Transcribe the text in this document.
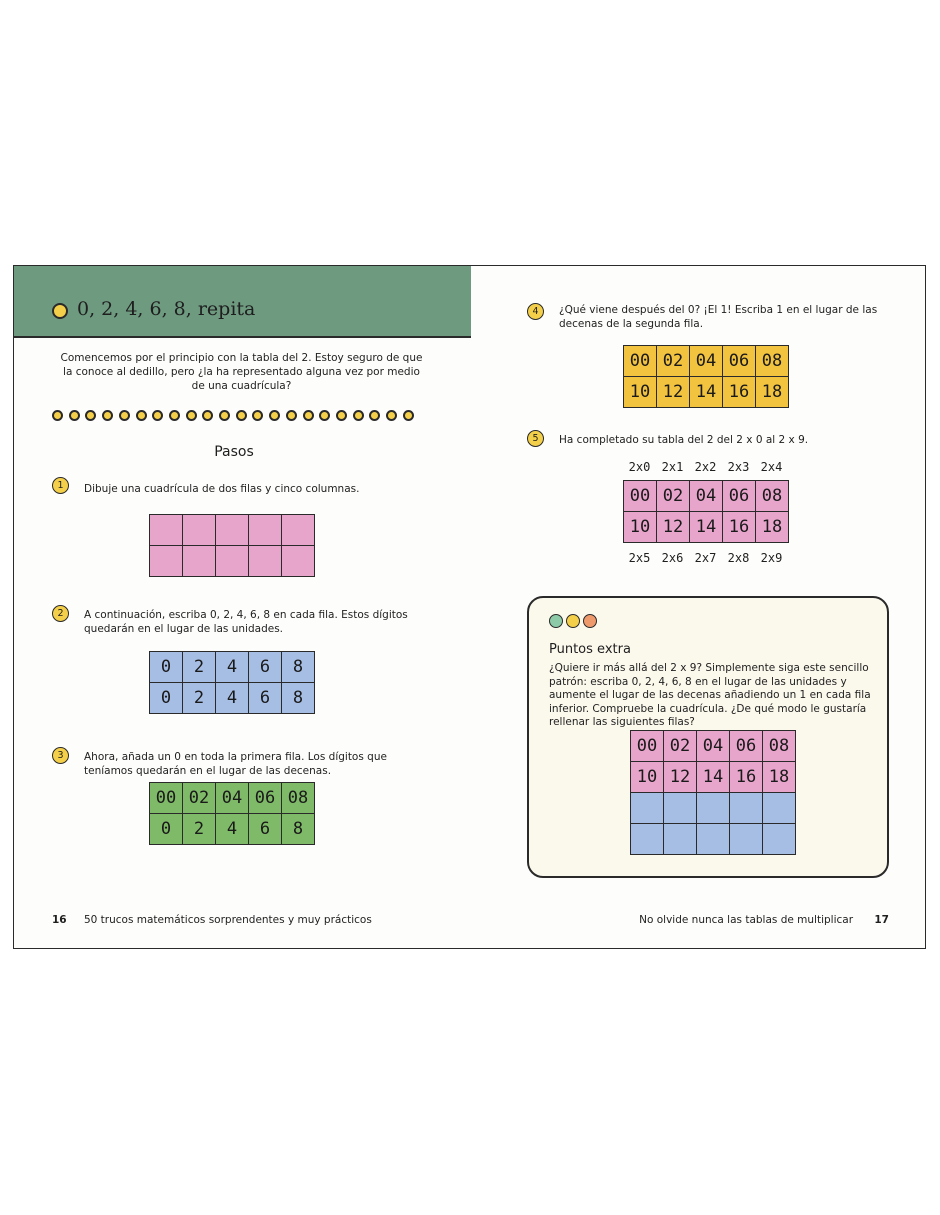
0, 2, 4, 6, 8, repita
Comencemos por el principio con la tabla del 2. Estoy seguro de que la conoce al dedillo, pero ¿la ha representado alguna vez por medio de una cuadrícula?
Pasos
1	Dibuje una cuadrícula de dos filas y cinco columnas.
2	A continuación, escriba 0, 2, 4, 6, 8 en cada fila. Estos dígitos quedarán en el lugar de las unidades.
0	2	4	6	8
0	2	4	6	8
3	Ahora, añada un 0 en toda la primera fila. Los dígitos que teníamos quedarán en el lugar de las decenas.
00 02 04 06 08
0	2	4	6	8
4	¿Qué viene después del 0? ¡El 1! Escriba 1 en el lugar de las decenas de la segunda fila.
00 02 04 06 08
10 12 14 16 18
5	Ha completado su tabla del 2 del 2 x 0 al 2 x 9.
2x0 2x1 2x2 2x3 2x4
00 02 04 06 08
10 12 14 16 18
2x5 2x6 2x7 2x8 2x9
Puntos extra
¿Quiere ir más allá del 2 x 9? Simplemente siga este sencillo patrón: escriba 0, 2, 4, 6, 8 en el lugar de las unidades y aumente el lugar de las decenas añadiendo un 1 en cada fila inferior. Compruebe la cuadrícula. ¿De qué modo le gustaría rellenar las siguientes filas?
00 02 04 06 08
10 12 14 16 18
16 50 trucos matemáticos sorprendentes y muy prácticos	No olvide nunca las tablas de multiplicar 17
